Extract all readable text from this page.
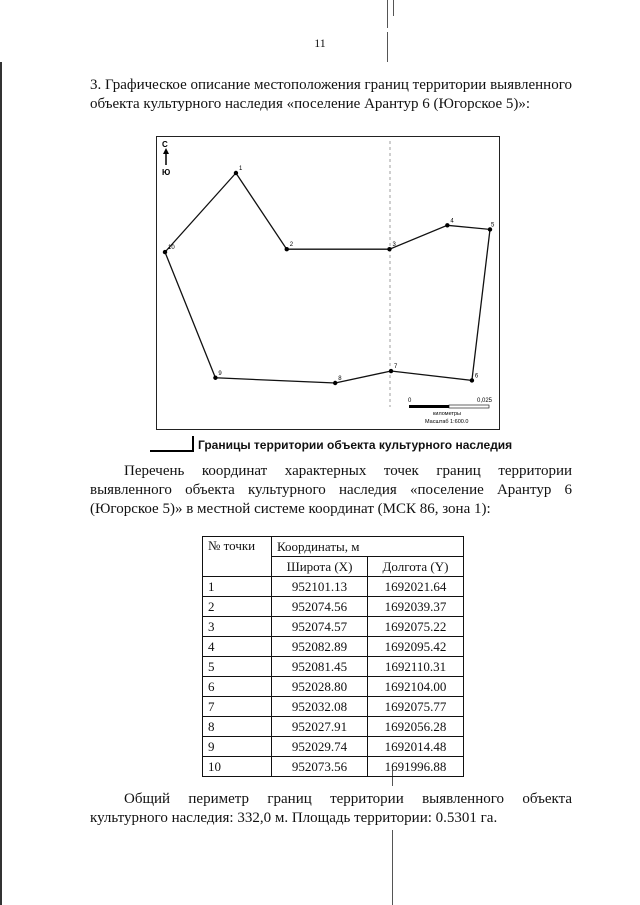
11
3. Графическое описание местоположения границ территории выявленного объекта культурного наследия «поселение Арантур 6 (Югорское 5)»:
С
Ю	1
2	3
4
5
6
7
8
9
10
0	0,025
километры
Масштаб 1:600.0
Границы территории объекта культурного наследия
Перечень координат характерных точек границ территории выявленного объекта культурного наследия «поселение Арантур 6 (Югорское 5)» в местной системе координат (МСК 86, зона 1):
№ точки	Координаты, м	
	Широта (X)	Долгота (Y)
1	952101.13	1692021.64
2	952074.56	1692039.37
3	952074.57	1692075.22
4	952082.89	1692095.42
5	952081.45	1692110.31
6	952028.80	1692104.00
7	952032.08	1692075.77
8	952027.91	1692056.28
9	952029.74	1692014.48
10	952073.56	1691996.88
Общий периметр границ территории выявленного объекта культурного наследия: 332,0 м. Площадь территории: 0.5301 га.
